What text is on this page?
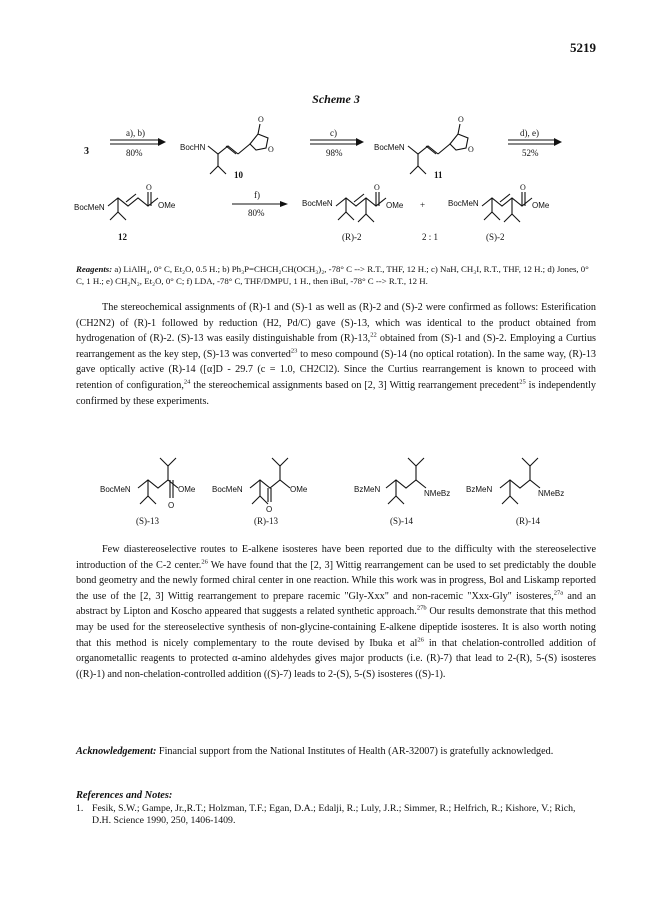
5219
Scheme 3
3
a), b)
80%
BocHN
O
O
10
c)
98%
BocMeN
O
O
11
d), e)
52%
BocMeN
O
OMe
12
f)
80%
BocMeN
O
OMe +	BocMeN
O
OMe
(R)-2	2 : 1	(S)-2
Reagents: a) LiAlH₄, 0° C, Et₂O, 0.5 H.; b) Ph₃P=CHCH₂CH(OCH₃)₂, -78° C --> R.T., THF, 12 H.; c) NaH, CH₃I, R.T., THF, 12 H.; d) Jones, 0° C, 1 H.; e) CH₂N₂, Et₂O, 0° C; f) LDA, -78° C, THF/DMPU, 1 H., then iBuI, -78° C --> R.T., 12 H.

The stereochemical assignments of (R)-1 and (S)-1 as well as (R)-2 and (S)-2 were confirmed as follows: Esterification (CH2N2) of (R)-1 followed by reduction (H2, Pd/C) gave (S)-13, which was identical to the product obtained from hydrogenation of (R)-2. (S)-13 was easily distinguishable from (R)-13,22 obtained from (S)-1 and (S)-2. Employing a Curtius rearrangement as the key step, (S)-13 was converted$^{23}$ to meso compound (S)-14 (no optical rotation). In the same way, (R)-13 gave optically active (R)-14 ([α]D - 29.7 (c = 1.0, CH2Cl2). Since the Curtius rearrangement is known to proceed with retention of configuration,$^{24}$ the stereochemical assignments based on [2, 3] Wittig rearrangement precedent$^{25}$ is independently confirmed by these experiments.

BocMeN	OMe
O
(S)-13
BocMeN	OMe
O
(R)-13
BzMeN	NMeBz
(S)-14
BzMeN	NMeBz
(R)-14

Few diastereoselective routes to E-alkene isosteres have been reported due to the difficulty with the stereoselective introduction of the C-2 center.$^{26}$ We have found that the [2, 3] Wittig rearrangement can be used to set predictably the double bond geometry and the newly formed chiral center in one reaction. While this work was in progress, Bol and Liskamp reported the use of the [2, 3] Wittig rearrangement to prepare racemic "Gly-Xxx" and non-racemic "Xxx-Gly" isosteres,$^{27a}$ and an abstract by Lipton and Koscho appeared that suggests a related synthetic approach.$^{27b}$ Our results demonstrate that this method may be used for the stereoselective synthesis of non-glycine-containing E-alkene dipeptide isosteres. It is also worth noting that this method is nicely complementary to the route devised by Ibuka et $al^{26}$ in that chelation-controlled addition of organometallic reagents to protected α-amino aldehydes gives major products (i.e. (R)-7) that lead to 2-(R), 5-(S) isosteres ((R)-1) and non-chelation-controlled addition ((S)-7) leads to 2-(S), 5-(S) isosteres ((S)-1).

Acknowledgement: Financial support from the National Institutes of Health (AR-32007) is gratefully acknowledged.
References and Notes:
1. Fesik, S.W.; Gampe, Jr.,R.T.; Holzman, T.F.; Egan, D.A.; Edalji, R.; Luly, J.R.; Simmer, R.; Helfrich, R.; Kishore, V.; Rich, D.H. Science 1990, 250, 1406-1409.
